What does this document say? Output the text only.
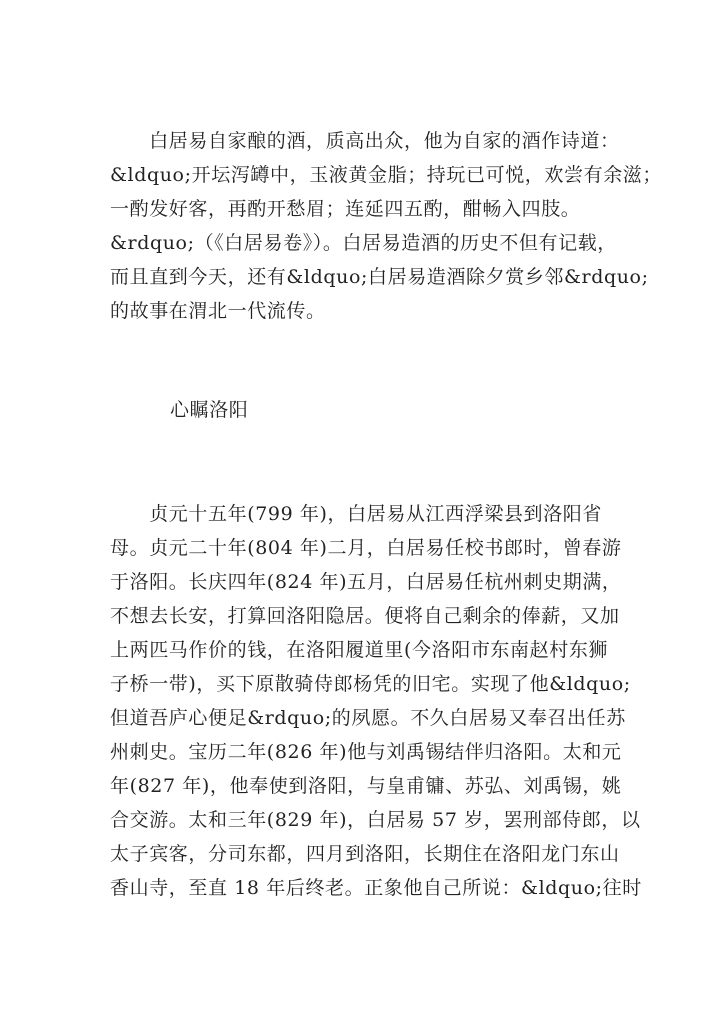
　　白居易自家酿的酒，质高出众，他为自家的酒作诗道：
&ldquo;开坛泻罇中，玉液黄金脂；持玩已可悦，欢尝有余滋；
一酌发好客，再酌开愁眉；连延四五酌，酣畅入四肢。
&rdquo;（《白居易卷》）。白居易造酒的历史不但有记载，
而且直到今天，还有&ldquo;白居易造酒除夕赏乡邻&rdquo;
的故事在渭北一代流传。

心瞩洛阳

　　贞元十五年(799 年)，白居易从江西浮梁县到洛阳省
母。贞元二十年(804 年)二月，白居易任校书郎时，曾春游
于洛阳。长庆四年(824 年)五月，白居易任杭州刺史期满，
不想去长安，打算回洛阳隐居。便将自己剩余的俸薪，又加
上两匹马作价的钱，在洛阳履道里(今洛阳市东南赵村东狮
子桥一带)，买下原散骑侍郎杨凭的旧宅。实现了他&ldquo;
但道吾庐心便足&rdquo;的夙愿。不久白居易又奉召出任苏
州刺史。宝历二年(826 年)他与刘禹锡结伴归洛阳。太和元
年(827 年)，他奉使到洛阳，与皇甫镛、苏弘、刘禹锡，姚
合交游。太和三年(829 年)，白居易 57 岁，罢刑部侍郎，以
太子宾客，分司东都，四月到洛阳，长期住在洛阳龙门东山
香山寺，至直 18 年后终老。正象他自己所说：&ldquo;往时
